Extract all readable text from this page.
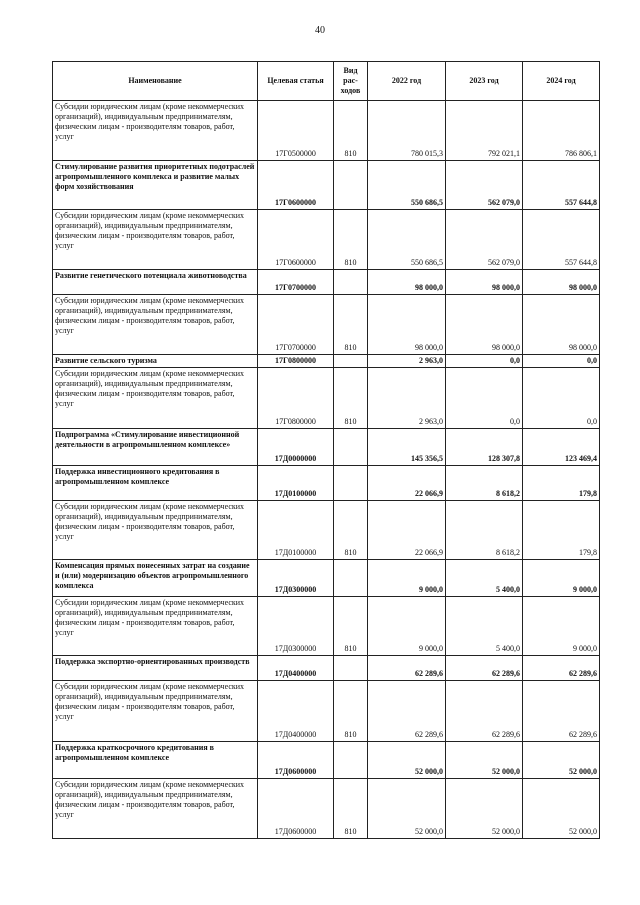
40
Наименование	Целевая статья	Вид рас-ходов	2022 год	2023 год	2024 год
Субсидии юридическим лицам (кроме некоммерческих организаций), индивидуальным предпринимателям, физическим лицам - производителям товаров, работ, услуг	17Г0500000	810	780 015,3	792 021,1	786 806,1
Стимулирование развития приоритетных подотраслей агропромышленного комплекса и развитие малых форм хозяйствования	17Г0600000		550 686,5	562 079,0	557 644,8
Субсидии юридическим лицам (кроме некоммерческих организаций), индивидуальным предпринимателям, физическим лицам - производителям товаров, работ, услуг	17Г0600000	810	550 686,5	562 079,0	557 644,8
Развитие генетического потенциала животноводства	17Г0700000		98 000,0	98 000,0	98 000,0
Субсидии юридическим лицам (кроме некоммерческих организаций), индивидуальным предпринимателям, физическим лицам - производителям товаров, работ, услуг	17Г0700000	810	98 000,0	98 000,0	98 000,0
Развитие сельского туризма	17Г0800000		2 963,0	0,0	0,0
Субсидии юридическим лицам (кроме некоммерческих организаций), индивидуальным предпринимателям, физическим лицам - производителям товаров, работ, услуг	17Г0800000	810	2 963,0	0,0	0,0
Подпрограмма «Стимулирование инвестиционной деятельности в агропромышленном комплексе»	17Д0000000		145 356,5	128 307,8	123 469,4
Поддержка инвестиционного кредитования в агропромышленном комплексе	17Д0100000		22 066,9	8 618,2	179,8
Субсидии юридическим лицам (кроме некоммерческих организаций), индивидуальным предпринимателям, физическим лицам - производителям товаров, работ, услуг	17Д0100000	810	22 066,9	8 618,2	179,8
Компенсация прямых понесенных затрат на создание и (или) модернизацию объектов агропромышленного комплекса	17Д0300000		9 000,0	5 400,0	9 000,0
Субсидии юридическим лицам (кроме некоммерческих организаций), индивидуальным предпринимателям, физическим лицам - производителям товаров, работ, услуг	17Д0300000	810	9 000,0	5 400,0	9 000,0
Поддержка экспортно-ориентированных производств	17Д0400000		62 289,6	62 289,6	62 289,6
Субсидии юридическим лицам (кроме некоммерческих организаций), индивидуальным предпринимателям, физическим лицам - производителям товаров, работ, услуг	17Д0400000	810	62 289,6	62 289,6	62 289,6
Поддержка краткосрочного кредитования в агропромышленном комплексе	17Д0600000		52 000,0	52 000,0	52 000,0
Субсидии юридическим лицам (кроме некоммерческих организаций), индивидуальным предпринимателям, физическим лицам - производителям товаров, работ, услуг	17Д0600000	810	52 000,0	52 000,0	52 000,0
